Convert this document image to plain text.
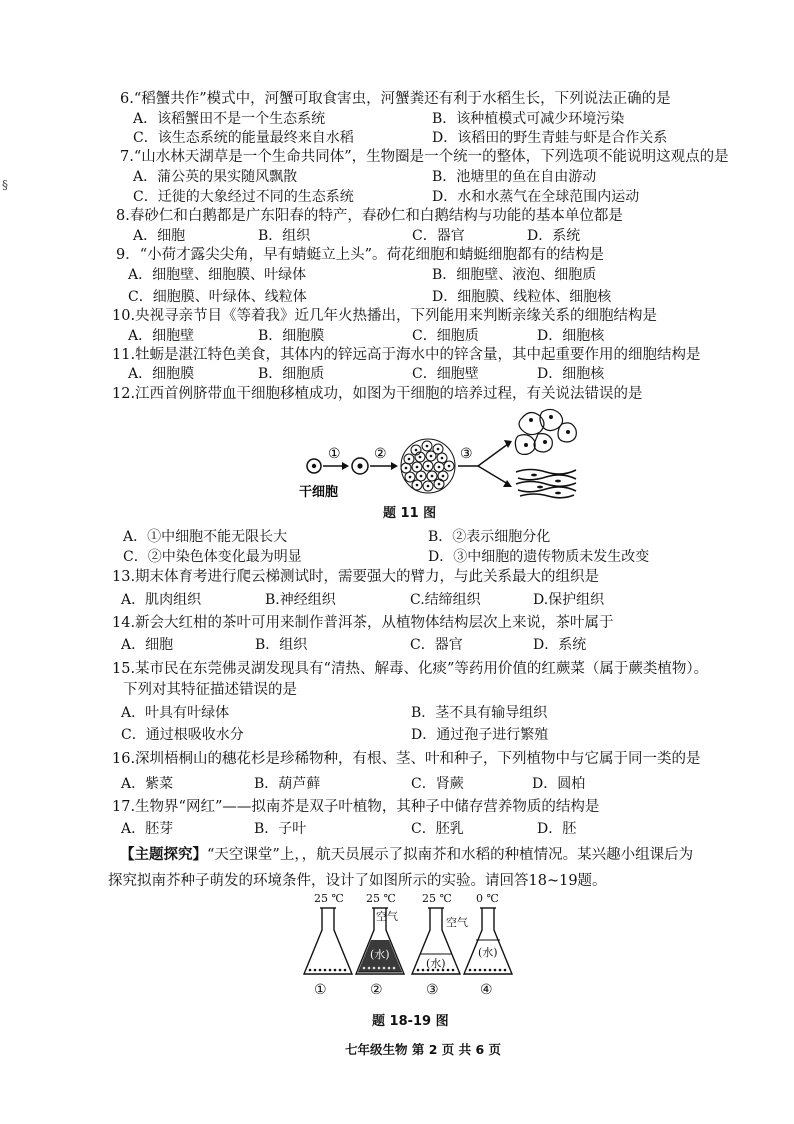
§
6.“稻蟹共作”模式中，河蟹可取食害虫，河蟹粪还有利于水稻生长，下列说法正确的是
A．该稻蟹田不是一个生态系统	B．该种植模式可减少环境污染
C．该生态系统的能量最终来自水稻	D．该稻田的野生青蛙与虾是合作关系
7.“山水林天湖草是一个生命共同体”，生物圈是一个统一的整体，下列选项不能说明这观点的是
A．蒲公英的果实随风飘散	B．池塘里的鱼在自由游动
C．迁徙的大象经过不同的生态系统	D．水和水蒸气在全球范围内运动
8.春砂仁和白鹅都是广东阳春的特产，春砂仁和白鹅结构与功能的基本单位都是
A．细胞	B．组织	C．器官	D．系统
9．“小荷才露尖尖角，早有蜻蜓立上头”。荷花细胞和蜻蜓细胞都有的结构是
A．细胞壁、细胞膜、叶绿体	B．细胞壁、液泡、细胞质
C．细胞膜、叶绿体、线粒体	D．细胞膜、线粒体、细胞核
10.央视寻亲节目《等着我》近几年火热播出，下列能用来判断亲缘关系的细胞结构是
A．细胞壁	B．细胞膜	C．细胞质	D．细胞核
11.牡蛎是湛江特色美食，其体内的锌远高于海水中的锌含量，其中起重要作用的细胞结构是
A．细胞膜	B．细胞质	C．细胞壁	D．细胞核
12.江西首例脐带血干细胞移植成功，如图为干细胞的培养过程，有关说法错误的是
① ②	③
干细胞
题 11 图
A．①中细胞不能无限长大	B．②表示细胞分化
C．②中染色体变化最为明显	D．③中细胞的遗传物质未发生改变
13.期末体育考进行爬云梯测试时，需要强大的臂力，与此关系最大的组织是
A．肌肉组织	B.神经组织	C.结缔组织	D.保护组织
14.新会大红柑的茶叶可用来制作普洱茶，从植物体结构层次上来说，茶叶属于
A．细胞	B．组织	C．器官	D．系统
15.某市民在东莞佛灵湖发现具有“清热、解毒、化痰”等药用价值的红蕨菜（属于蕨类植物）。
下列对其特征描述错误的是
A．叶具有叶绿体	B．茎不具有输导组织
C．通过根吸收水分	D．通过孢子进行繁殖
16.深圳梧桐山的穗花杉是珍稀物种，有根、茎、叶和种子，下列植物中与它属于同一类的是
A．紫菜	B．葫芦藓	C．肾蕨	D．圆柏
17.生物界“网红”——拟南芥是双子叶植物，其种子中储存营养物质的结构是
A．胚芽	B．子叶	C．胚乳	D．胚
【主题探究】“天空课堂”上，，航天员展示了拟南芥和水稻的种植情况。某兴趣小组课后为
探究拟南芥种子萌发的环境条件，设计了如图所示的实验。请回答18~19题。
25 ℃ 25 ℃ 25 ℃ 0 ℃
(水)
空气
(水)
空气
(水)
①	②	③	④
题 18-19 图
七年级生物 第 2 页 共 6 页
